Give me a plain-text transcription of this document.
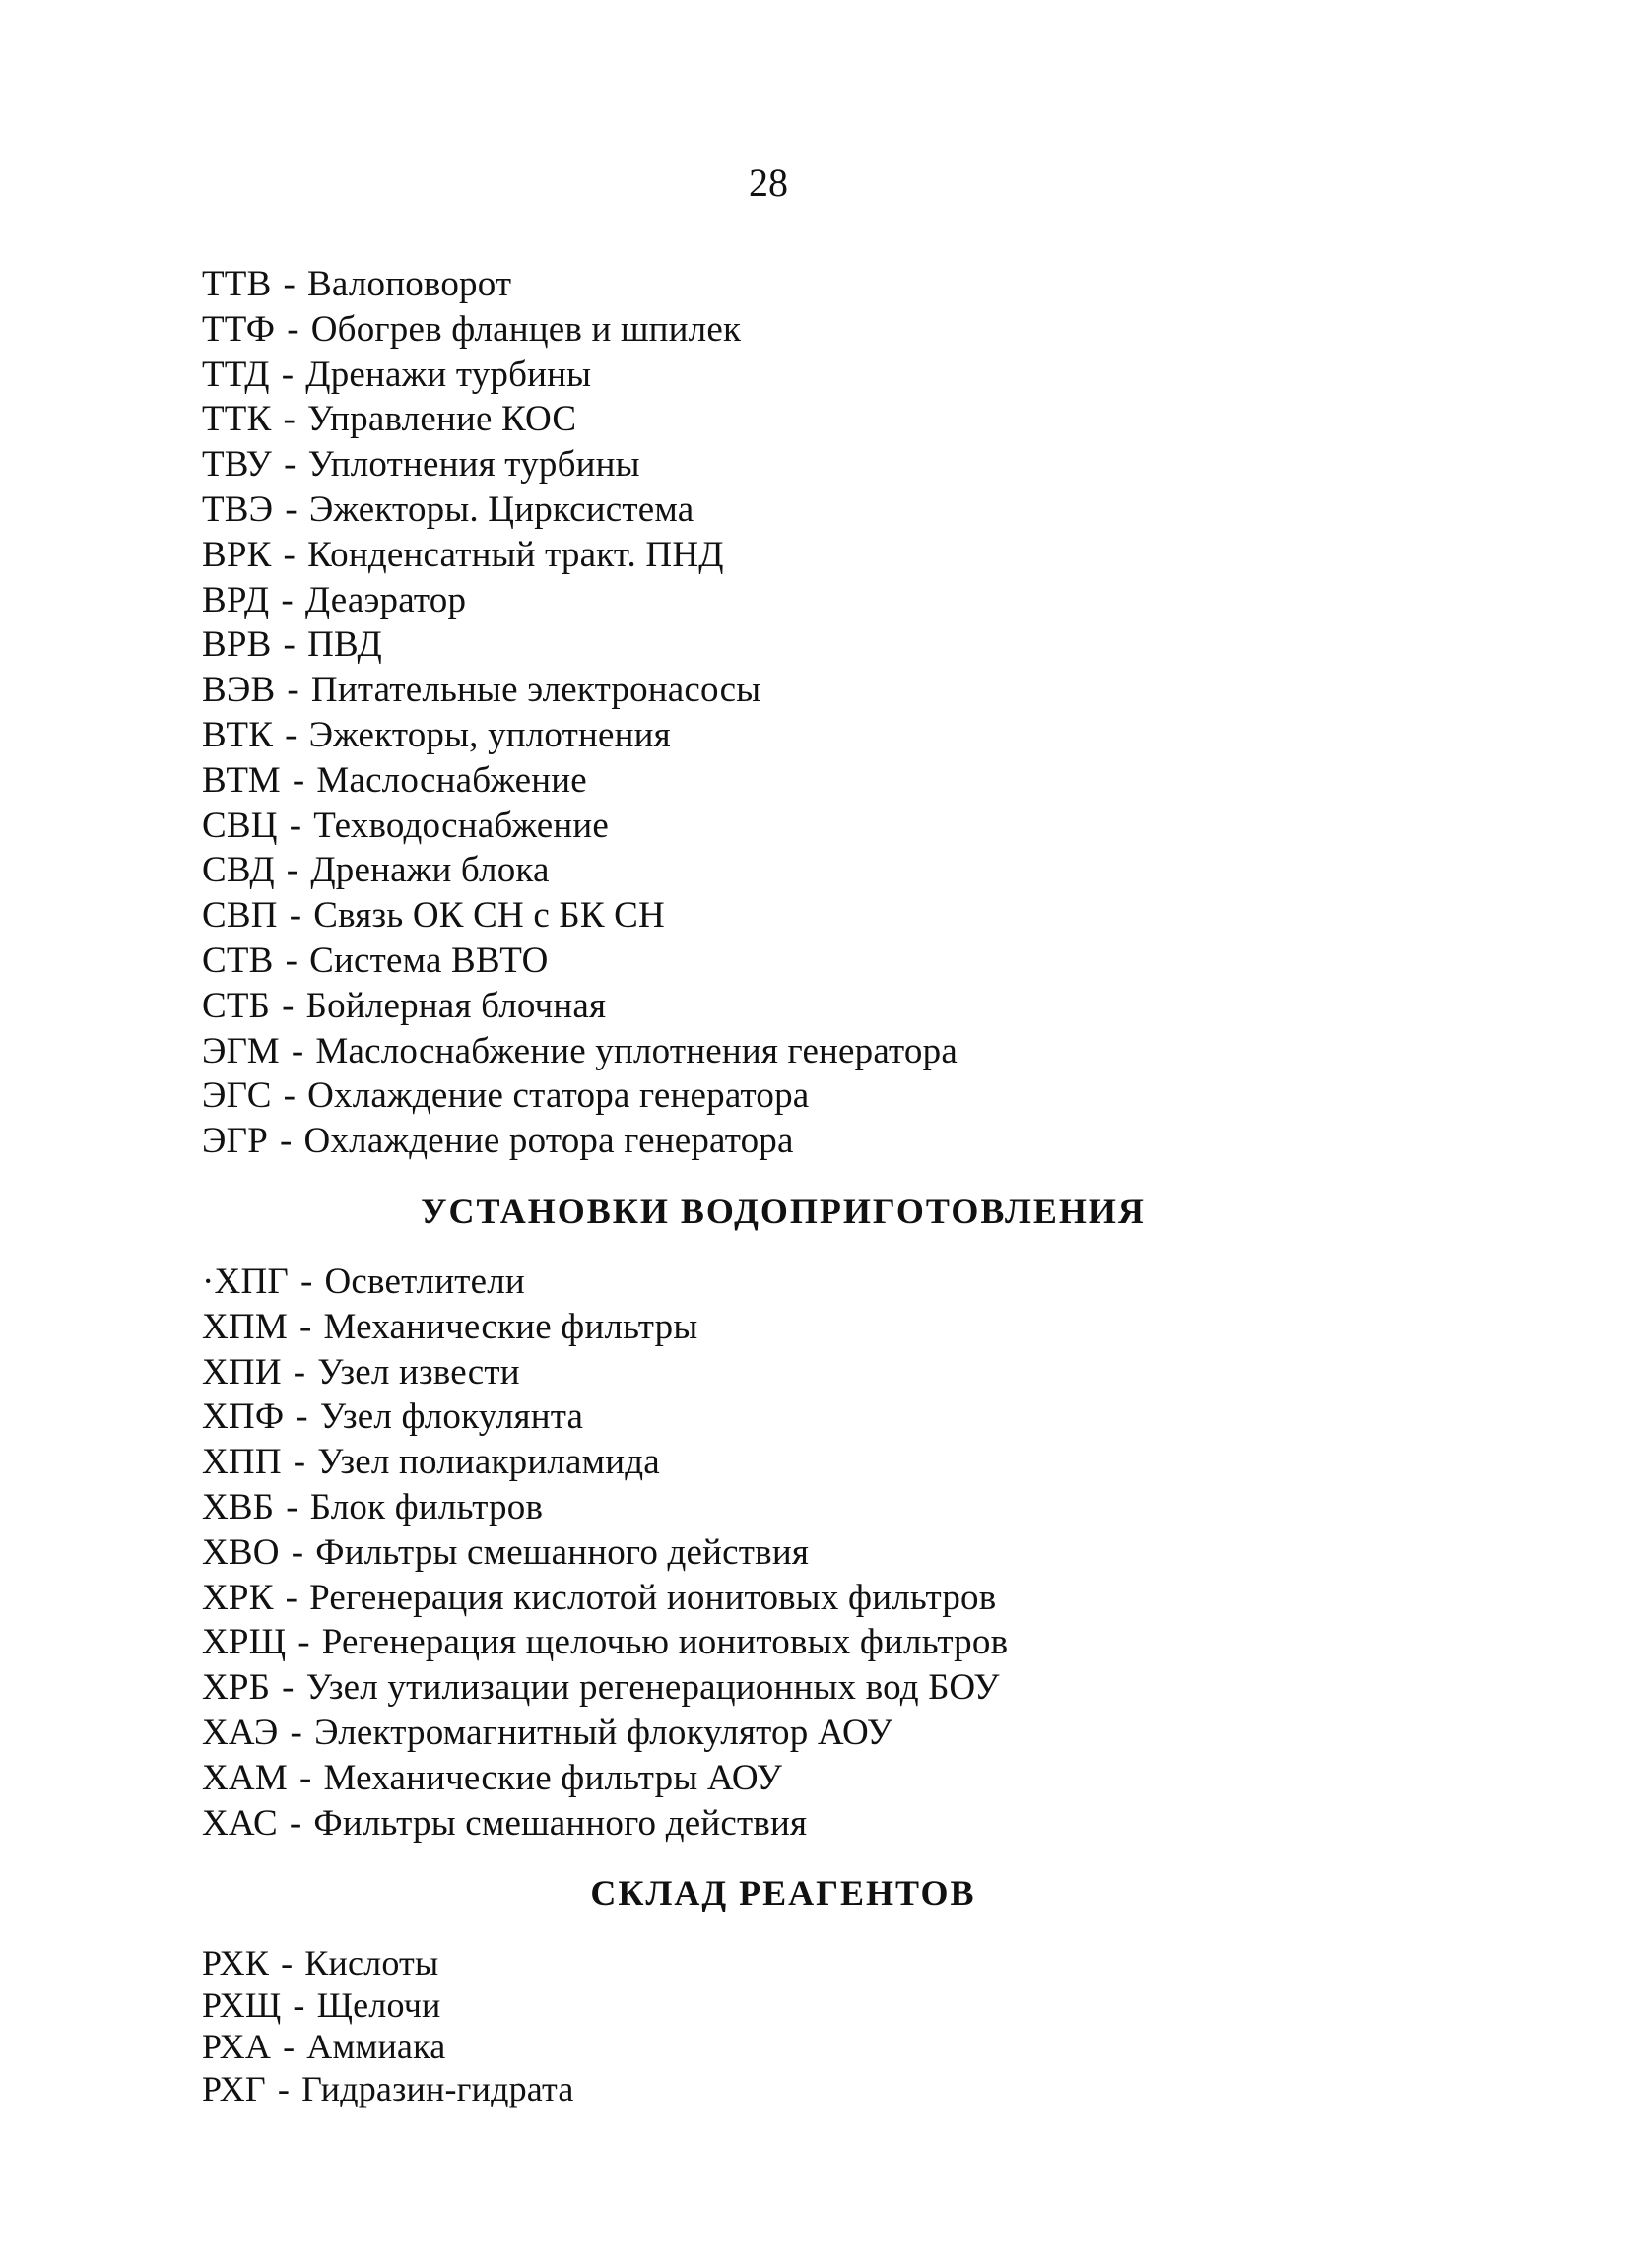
28
ТТВ - Валоповорот
ТТФ - Обогрев фланцев и шпилек
ТТД - Дренажи турбины
ТТК - Управление КОС
ТВУ - Уплотнения турбины
ТВЭ - Эжекторы. Цирксистема
ВРК - Конденсатный тракт. ПНД
ВРД - Деаэратор
ВРВ - ПВД
ВЭВ - Питательные электронасосы
ВТК - Эжекторы, уплотнения
ВТМ - Маслоснабжение
СВЦ - Техводоснабжение
СВД - Дренажи блока
СВП - Связь ОК СН с БК СН
СТВ - Система ВВТО
СТБ - Бойлерная блочная
ЭГМ - Маслоснабжение уплотнения генератора
ЭГС - Охлаждение статора генератора
ЭГР - Охлаждение ротора генератора
УСТАНОВКИ ВОДОПРИГОТОВЛЕНИЯ
·ХПГ - Осветлители
ХПМ - Механические фильтры
ХПИ - Узел извести
ХПФ - Узел флокулянта
ХПП - Узел полиакриламида
ХВБ - Блок фильтров
ХВО - Фильтры смешанного действия
ХРК - Регенерация кислотой ионитовых фильтров
ХРЩ - Регенерация щелочью ионитовых фильтров
ХРБ - Узел утилизации регенерационных вод БОУ
ХАЭ - Электромагнитный флокулятор АОУ
ХАМ - Механические фильтры АОУ
ХАС - Фильтры смешанного действия
СКЛАД РЕАГЕНТОВ
РХК - Кислоты
РХЩ - Щелочи
РХА - Аммиака
РХГ - Гидразин-гидрата
